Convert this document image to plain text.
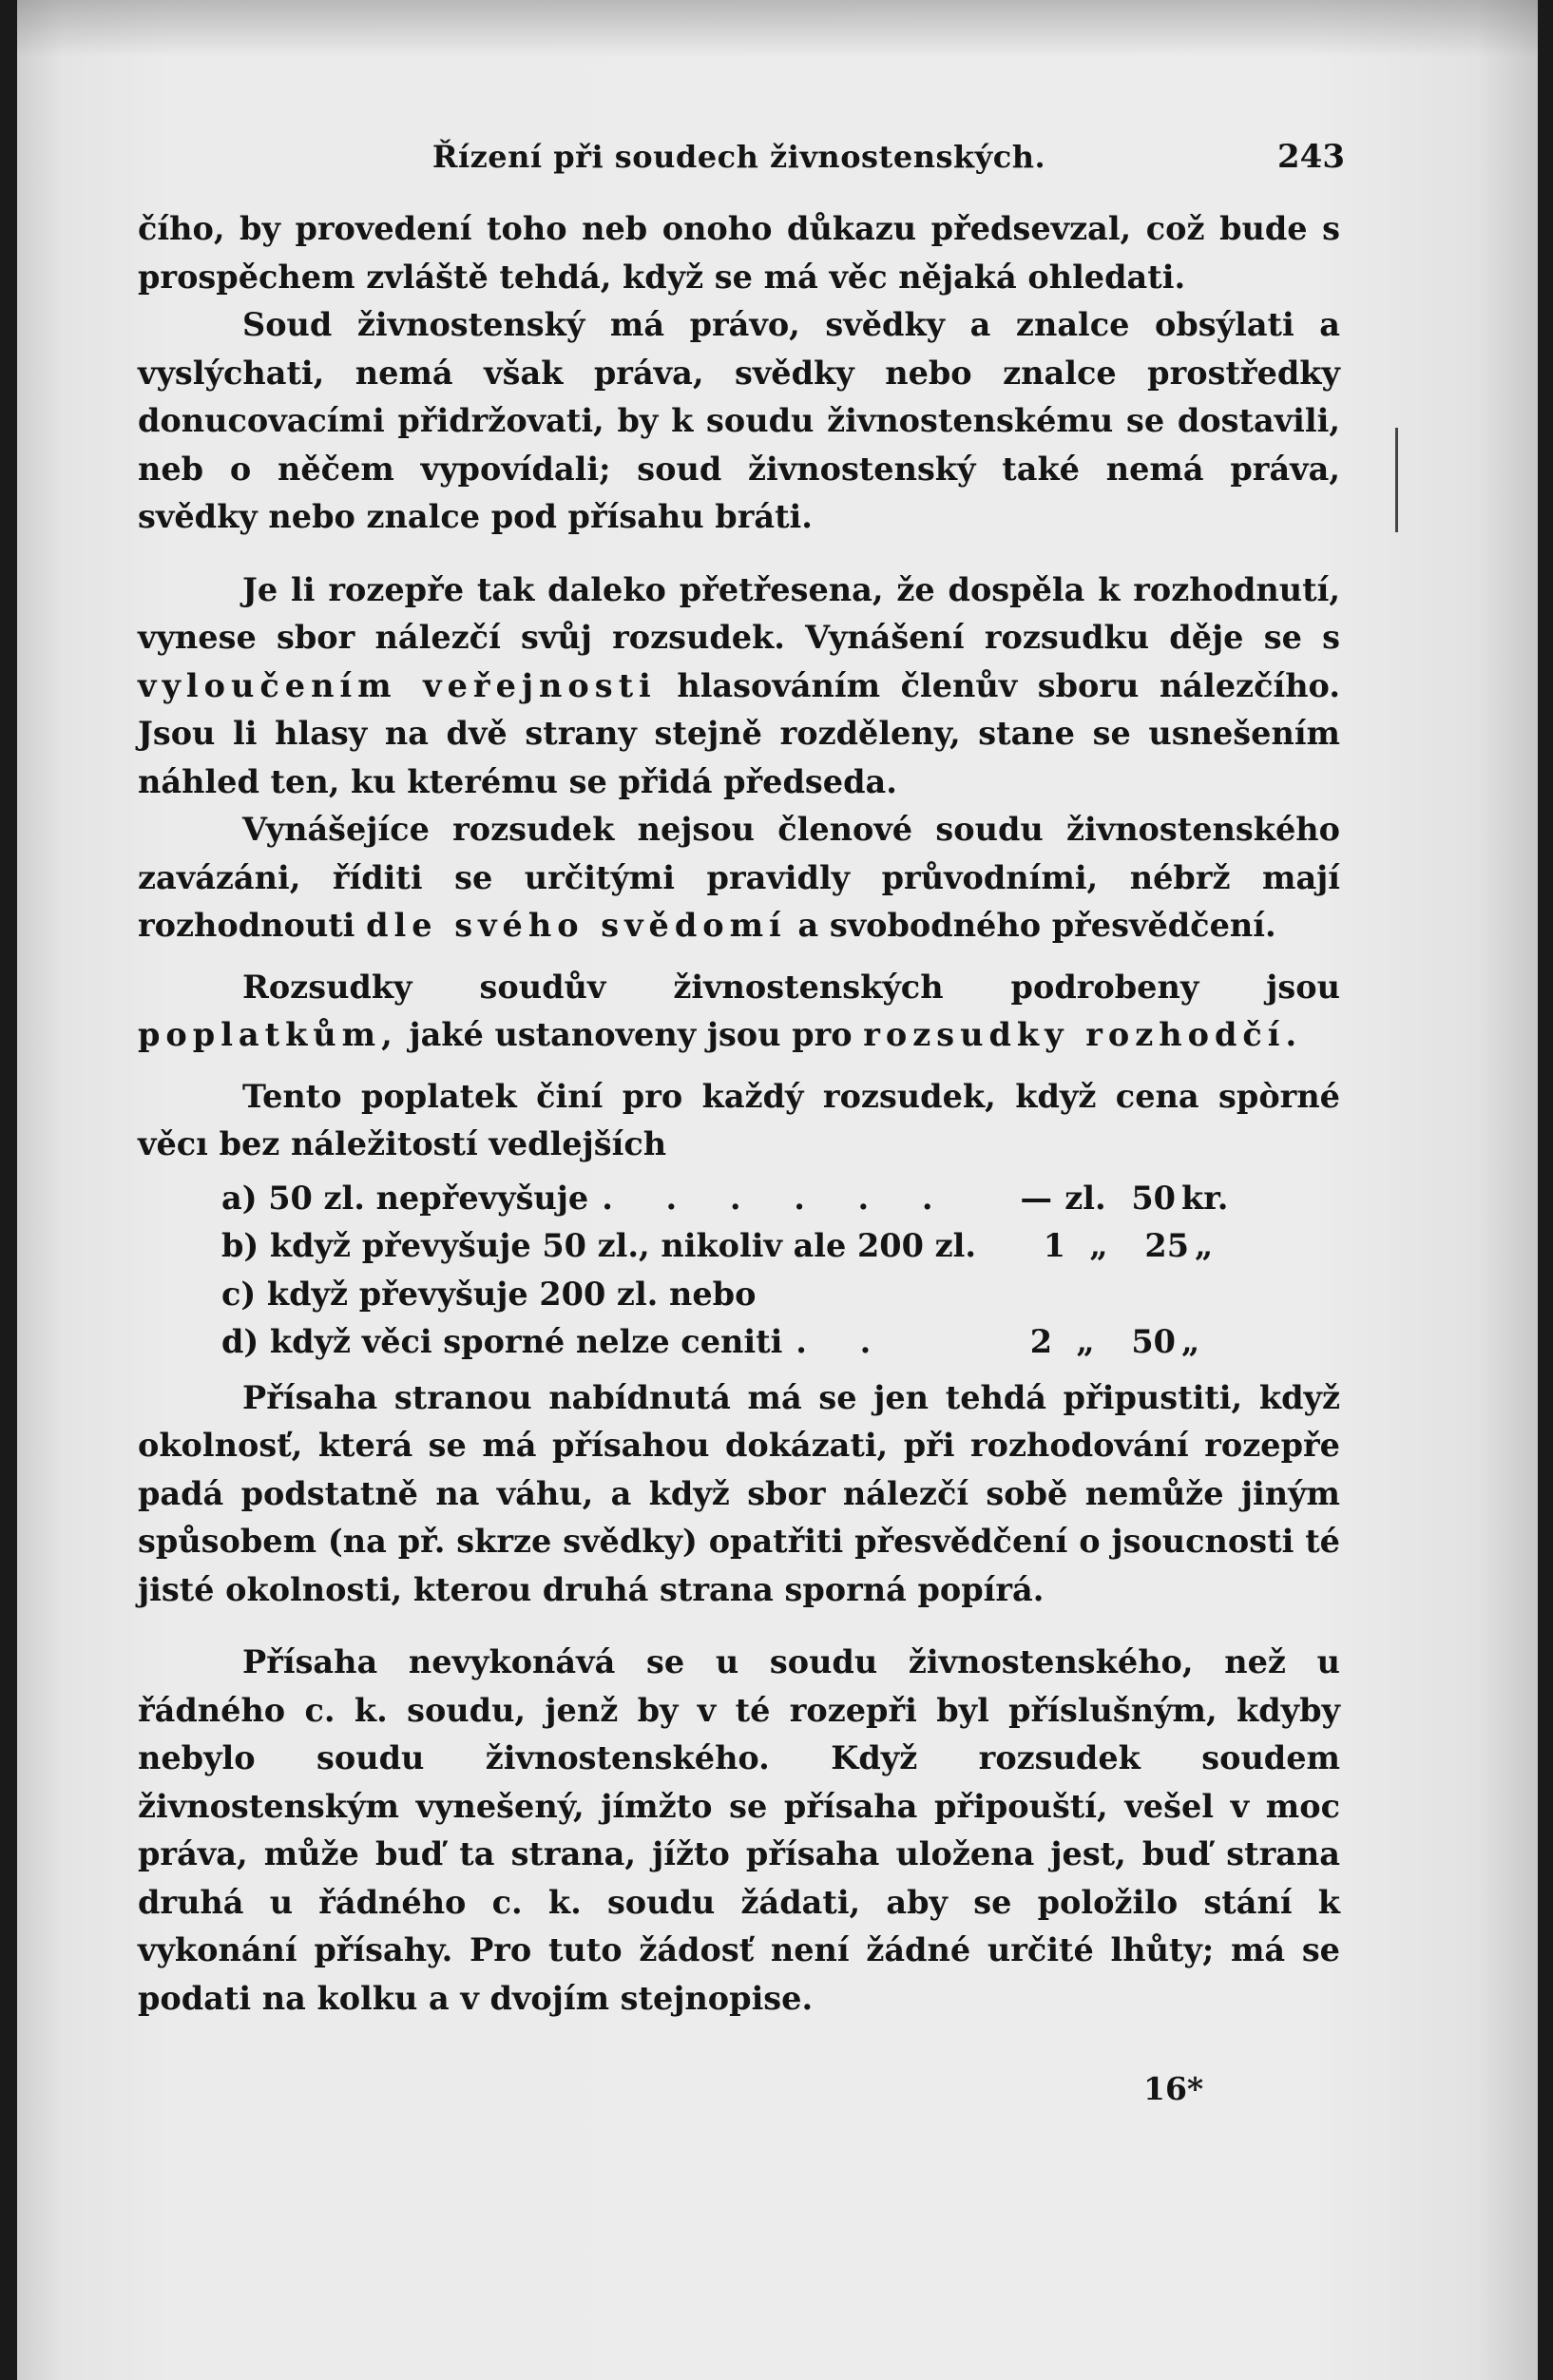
Řízení při soudech živnostenských.	243

čího, by provedení toho neb onoho důkazu předsevzal, což bude s prospěchem zvláště tehdá, když se má věc nějaká ohledati.

Soud živnostenský má právo, svědky a znalce obsýlati a vyslýchati, nemá však práva, svědky nebo znalce prostředky donucovacími přidržovati, by k soudu živnostenskému se dostavili, neb o něčem vypovídali; soud živnostenský také nemá práva, svědky nebo znalce pod přísahu bráti.

Je li rozepře tak daleko přetřesena, že dospěla k rozhodnutí, vynese sbor nálezčí svůj rozsudek. Vynášení rozsudku děje se s vyloučením veřejnosti hlasováním členův sboru nálezčího. Jsou li hlasy na dvě strany stejně rozděleny, stane se usnešením náhled ten, ku kterému se přidá předseda.

Vynášejíce rozsudek nejsou členové soudu živnostenského zavázáni, říditi se určitými pravidly průvodními, nébrž mají rozhodnouti dle svého svědomí a svobodného přesvědčení.

Rozsudky soudův živnostenských podrobeny jsou poplatkům, jaké ustanoveny jsou pro rozsudky rozhodčí.

Tento poplatek činí pro každý rozsudek, když cena spòrné věcı bez náležitostí vedlejších

a) 50 zl. nepřevyšuje . . . . . .	— zl. 50 kr.
b) když převyšuje 50 zl., nikoliv ale 200 zl.	1 „	25 „
c) když převyšuje 200 zl. nebo
d) když věci sporné nelze ceniti . .	2 „	50 „

Přísaha stranou nabídnutá má se jen tehdá připustiti, když okolnosť, která se má přísahou dokázati, při rozhodování rozepře padá podstatně na váhu, a když sbor nálezčí sobě nemůže jiným spůsobem (na př. skrze svědky) opatřiti přesvědčení o jsoucnosti té jisté okolnosti, kterou druhá strana sporná popírá.

Přísaha nevykonává se u soudu živnostenského, než u řádného c. k. soudu, jenž by v té rozepři byl příslušným, kdyby nebylo soudu živnostenského. Když rozsudek soudem živnostenským vynešený, jímžto se přísaha připouští, vešel v moc práva, může buď ta strana, jížto přísaha uložena jest, buď strana druhá u řádného c. k. soudu žádati, aby se položilo stání k vykonání přísahy. Pro tuto žádosť není žádné určité lhůty; má se podati na kolku a v dvojím stejnopise.

16*
